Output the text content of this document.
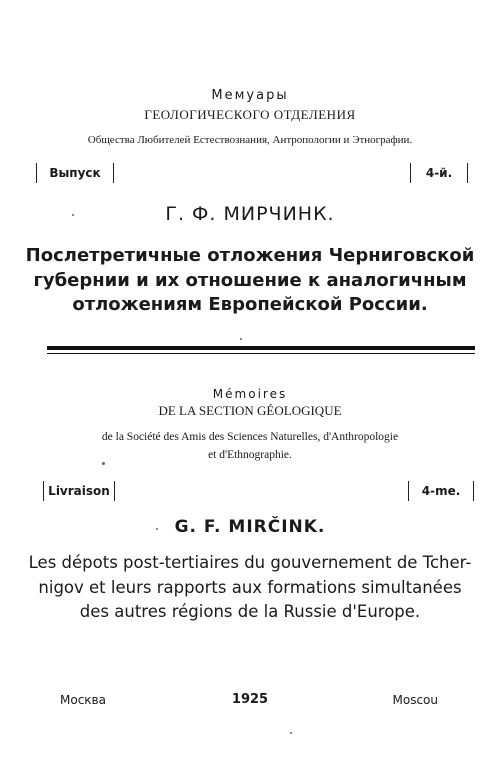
Мемуары
ГЕОЛОГИЧЕСКОГО ОТДЕЛЕНИЯ
Общества Любителей Естествознания, Антропологии и Этнографии.
Выпуск	4-й.
Г. Ф. МИРЧИНК.
Послетретичные отложения Черниговской
губернии и их отношение к аналогичным
отложениям Европейской России.
Mémoires
DE LA SECTION GÉOLOGIQUE
de la Société des Amis des Sciences Naturelles, d'Anthropologie
et d'Ethnographie.
Livraison	4-me.
G. F. MIRČINK.
Les dépots post-tertiaires du gouvernement de Tcher-
nigov et leurs rapports aux formations simultanées
des autres régions de la Russie d'Europe.
Москва	1925	Moscou
